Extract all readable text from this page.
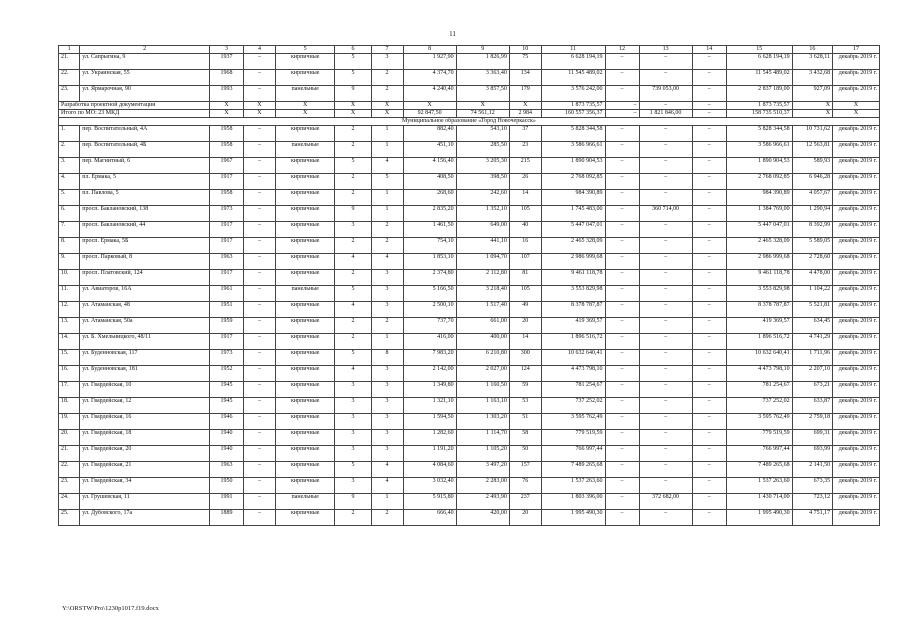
11
1	2	3	4	5	6	7	8	9	10	11	12	13	14	15	16	17
21.	ул. Сапрыгина, 9	1937	–	кирпичные	5	3	1 927,90	1 826,99	75	6 628 194,19	–	–	–	6 628 194,19	3 628,11	декабрь 2019 г.
22.	ул. Украинская, 55	1968	–	кирпичные	5	2	4 374,70	3 363,40	134	11 545 489,02	–	–	–	11 545 489,02	3 432,68	декабрь 2019 г.
23.	ул. Ярмарочная, 90	1993	–	панельные	9	2	4 240,40	3 857,50	179	3 576 242,00	–	739 053,00	–	2 837 189,00	927,09	декабрь 2019 г.
Разработка проектной документации		X	X	X	X	X	X	X	X	1 873 735,57	–	–	–	1 873 735,57	X	X
Итого по МО: 23 МКД		X	X	X	X	X	92 847,50	74 561,12	2 984	160 557 356,37	–	1 821 846,00	–	158 735 510,37	X	X
Муниципальное образование «Город Новочеркасск»																
1.	пер. Воспитательный, 4А	1958	–	кирпичные	2	1	882,40	543,10	37	5 828 344,58	–	–	–	5 828 344,58	10 731,62	декабрь 2019 г.
2.	пер. Воспитательный, 4Б	1958	–	панельные	2	1	451,10	285,50	23	3 586 966,61	–	–	–	3 586 966,61	12 563,81	декабрь 2019 г.
3.	пер. Магнитный, 6	1967	–	кирпичные	5	4	4 156,40	3 205,30	215	1 890 904,53	–	–	–	1 890 904,53	589,93	декабрь 2019 г.
4.	пл. Ермака, 5	1917	–	кирпичные	2	5	408,50	398,50	26	2 768 092,85	–	–	–	2 768 092,85	6 946,28	декабрь 2019 г.
5.	пл. Павлова, 5	1958	–	кирпичные	2	1	268,60	242,60	14	984 390,89	–	–	–	984 390,89	4 057,67	декабрь 2019 г.
6.	просп. Баклановский, 138	1973	–	кирпичные	9	1	2 835,20	1 352,10	105	1 745 483,00	–	360 714,00	–	1 384 769,00	1 290,94	декабрь 2019 г.
7.	просп. Баклановский, 44	1917	–	кирпичные	3	2	1 461,50	649,00	40	5 447 047,01	–	–	–	5 447 047,01	8 392,99	декабрь 2019 г.
8.	просп. Ермака, 5Б	1917	–	кирпичные	2	2	754,10	441,10	16	2 465 328,09	–	–	–	2 465 328,09	5 589,05	декабрь 2019 г.
9.	просп. Парковый, 8	1963	–	кирпичные	4	4	1 853,10	1 094,70	107	2 986 999,68	–	–	–	2 986 999,68	2 728,60	декабрь 2019 г.
10.	просп. Платовский, 124	1917	–	кирпичные	2	3	2 374,80	2 112,80	81	9 461 118,78	–	–	–	9 461 118,78	4 478,00	декабрь 2019 г.
11.	ул. Авиаторов, 16А	1961	–	панельные	5	3	5 166,50	3 218,40	105	3 553 829,98	–	–	–	3 553 829,98	1 104,22	декабрь 2019 г.
12.	ул. Атаманская, 48	1951	–	кирпичные	4	3	2 500,10	1 517,40	49	8 378 787,87	–	–	–	8 378 787,87	5 521,81	декабрь 2019 г.
13.	ул. Атаманская, 50а	1959	–	кирпичные	2	2	737,70	661,00	20	419 369,57	–	–	–	419 369,57	634,45	декабрь 2019 г.
14.	ул. Б. Хмельницкого, 48/11	1917	–	кирпичные	2	1	416,00	400,00	14	1 896 516,72	–	–	–	1 896 516,72	4 741,29	декабрь 2019 г.
15.	ул. Буденновская, 117	1973	–	кирпичные	5	8	7 983,20	6 210,80	300	10 632 640,41	–	–	–	10 632 640,41	1 711,96	декабрь 2019 г.
16.	ул. Буденновская, 181	1952	–	кирпичные	4	3	2 142,00	2 027,00	124	4 473 798,10	–	–	–	4 473 798,10	2 207,10	декабрь 2019 г.
17.	ул. Гвардейская, 10	1945	–	кирпичные	3	3	1 349,80	1 160,50	59	781 254,67	–	–	–	781 254,67	673,21	декабрь 2019 г.
18.	ул. Гвардейская, 12	1945	–	кирпичные	3	3	1 321,10	1 163,10	53	737 252,02	–	–	–	737 252,02	633,87	декабрь 2019 г.
19.	ул. Гвардейская, 16	1946	–	кирпичные	3	3	1 594,50	1 303,20	51	3 595 762,49	–	–	–	3 595 762,49	2 759,18	декабрь 2019 г.
20.	ул. Гвардейская, 18	1940	–	кирпичные	3	3	1 282,60	1 114,70	58	779 519,59	–	–	–	779 519,59	699,31	декабрь 2019 г.
21.	ул. Гвардейская, 20	1940	–	кирпичные	3	3	1 191,20	1 105,20	50	766 997,44	–	–	–	766 997,44	693,99	декабрь 2019 г.
22.	ул. Гвардейская, 21	1963	–	кирпичные	5	4	4 084,60	3 497,20	157	7 489 265,68	–	–	–	7 489 265,68	2 141,50	декабрь 2019 г.
23.	ул. Гвардейская, 34	1950	–	кирпичные	3	4	3 032,40	2 283,00	76	1 537 263,60	–	–	–	1 537 263,60	673,35	декабрь 2019 г.
24.	ул. Грушевская, 11	1991	–	панельные	9	1	5 915,80	2 493,90	237	1 803 396,00	–	372 682,00	–	1 430 714,00	723,12	декабрь 2019 г.
25.	ул. Дубовского, 17а	1889	–	кирпичные	2	2	666,40	420,00	20	1 995 490,30	–	–	–	1 995 490,30	4 751,17	декабрь 2019 г.
Y:\ORSTW\Pro\1230p1017.f19.docx
